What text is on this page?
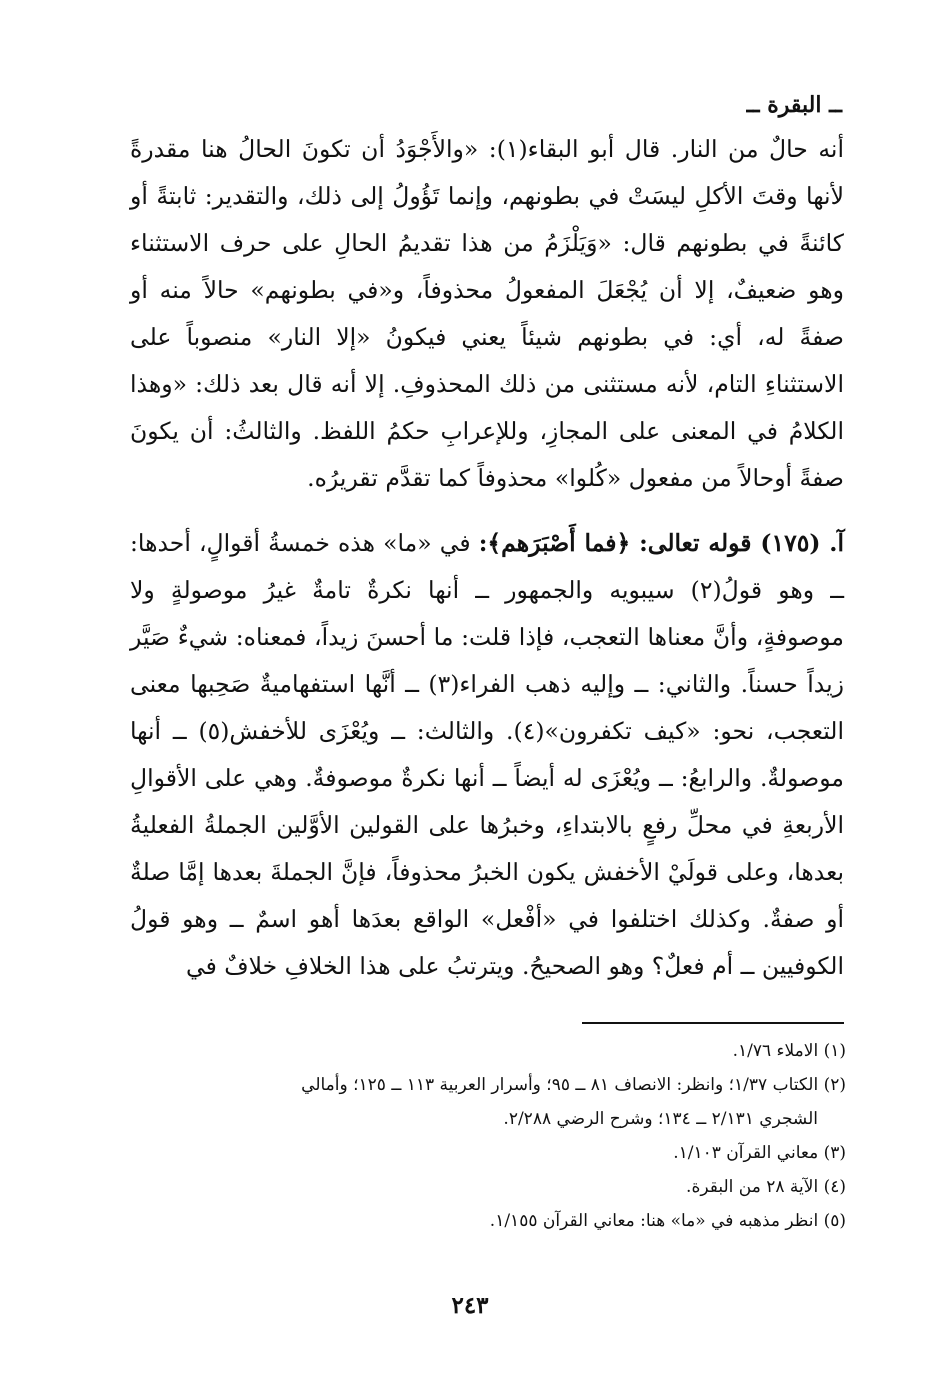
ــ البقرة ــ

أنه حالٌ من النار. قال أبو البقاء(١): «والأَجْوَدُ أن تكونَ الحالُ هنا مقدرةً لأنها وقتَ الأكلِ ليسَتْ في بطونهم، وإنما تَؤُولُ إلى ذلك، والتقدير: ثابتةً أو كائنةً في بطونهم قال: «وَيَلْزَمُ من هذا تقديمُ الحالِ على حرف الاستثناء وهو ضعيفٌ، إلا أن يُجْعَلَ المفعولُ محذوفاً، و«في بطونهم» حالاً منه أو صفةً له، أي: في بطونهم شيئاً يعني فيكونُ «إلا النار» منصوباً على الاستثناءِ التام، لأنه مستثنى من ذلك المحذوفِ. إلا أنه قال بعد ذلك: «وهذا الكلامُ في المعنى على المجازِ، وللإعرابِ حكمُ اللفظ. والثالثُ: أن يكونَ صفةً أوحالاً من مفعول «كُلوا» محذوفاً كما تقدَّم تقريرُه.

آ. (١٧٥) قوله تعالى: ﴿فما أَصْبَرَهم﴾: في «ما» هذه خمسةُ أقوالٍ، أحدها: ــ وهو قولُ(٢) سيبويه والجمهور ــ أنها نكرةٌ تامةٌ غيرُ موصولةٍ ولا موصوفةٍ، وأنَّ معناها التعجب، فإذا قلت: ما أحسنَ زيداً، فمعناه: شيءٌ صَيَّر زيداً حسناً. والثاني: ــ وإليه ذهب الفراء(٣) ــ أنَّها استفهاميةٌ صَحِبها معنى التعجب، نحو: «كيف تكفرون»(٤). والثالث: ــ ويُعْزَى للأخفش(٥) ــ أنها موصولةٌ. والرابعُ: ــ ويُعْزَى له أيضاً ــ أنها نكرةٌ موصوفةٌ. وهي على الأقوالِ الأربعةِ في محلِّ رفعٍ بالابتداءِ، وخبرُها على القولين الأوَّلين الجملةُ الفعليةُ بعدها، وعلى قولَيْ الأخفش يكون الخبرُ محذوفاً، فإنَّ الجملةَ بعدها إمَّا صلةٌ أو صفةٌ. وكذلك اختلفوا في «أفْعل» الواقع بعدَها أهو اسمٌ ــ وهو قولُ الكوفيين ــ أم فعلٌ؟ وهو الصحيحُ. ويترتبُ على هذا الخلافِ خلافٌ في

(١) الاملاء ١/٧٦.

(٢) الكتاب ١/٣٧؛ وانظر: الانصاف ٨١ ــ ٩٥؛ وأسرار العربية ١١٣ ــ ١٢٥؛ وأمالي
الشجري ٢/١٣١ ــ ١٣٤؛ وشرح الرضي ٢/٢٨٨.

(٣) معاني القرآن ١/١٠٣.

(٤) الآية ٢٨ من البقرة.

(٥) انظر مذهبه في «ما» هنا: معاني القرآن ١/١٥٥.

٢٤٣
